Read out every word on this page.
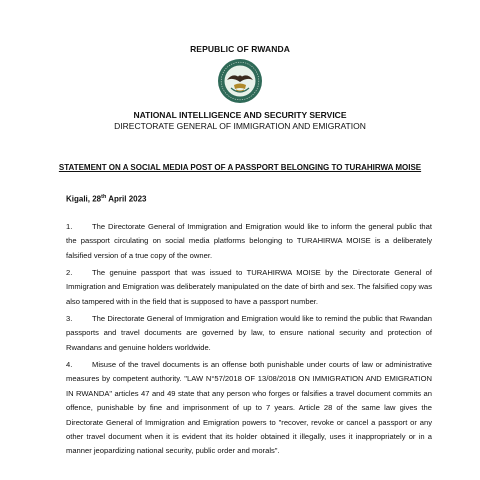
REPUBLIC OF RWANDA
NATIONAL INTELLIGENCE AND SECURITY SERVICE
DIRECTORATE GENERAL OF IMMIGRATION AND EMIGRATION
STATEMENT ON A SOCIAL MEDIA POST OF A PASSPORT BELONGING TO TURAHIRWA MOISE
Kigali, 28th April 2023
1.	The Directorate General of Immigration and Emigration would like to inform the general public that the passport circulating on social media platforms belonging to TURAHIRWA MOISE is a deliberately falsified version of a true copy of the owner.
2.	The genuine passport that was issued to TURAHIRWA MOISE by the Directorate General of Immigration and Emigration was deliberately manipulated on the date of birth and sex. The falsified copy was also tampered with in the field that is supposed to have a passport number.
3.	The Directorate General of Immigration and Emigration would like to remind the public that Rwandan passports and travel documents are governed by law, to ensure national security and protection of Rwandans and genuine holders worldwide.
4.	Misuse of the travel documents is an offense both punishable under courts of law or administrative measures by competent authority. "LAW N°57/2018 OF 13/08/2018 ON IMMIGRATION AND EMIGRATION IN RWANDA" articles 47 and 49 state that any person who forges or falsifies a travel document commits an offence, punishable by fine and imprisonment of up to 7 years. Article 28 of the same law gives the Directorate General of Immigration and Emigration powers to "recover, revoke or cancel a passport or any other travel document when it is evident that its holder obtained it illegally, uses it inappropriately or in a manner jeopardizing national security, public order and morals".
